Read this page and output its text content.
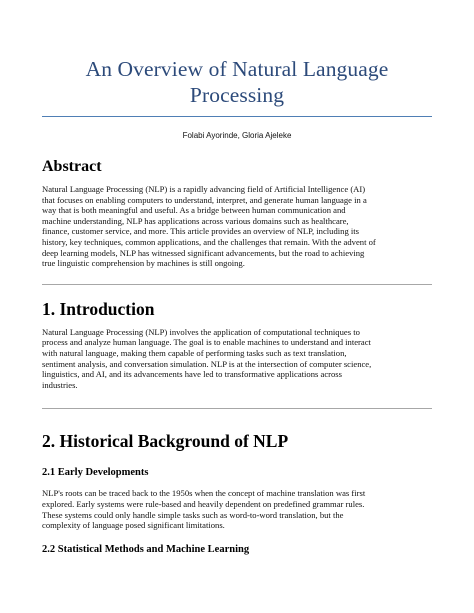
An Overview of Natural Language
Processing
Folabi Ayorinde, Gloria Ajeleke
Abstract

Natural Language Processing (NLP) is a rapidly advancing field of Artificial Intelligence (AI)
that focuses on enabling computers to understand, interpret, and generate human language in a
way that is both meaningful and useful. As a bridge between human communication and
machine understanding, NLP has applications across various domains such as healthcare,
finance, customer service, and more. This article provides an overview of NLP, including its
history, key techniques, common applications, and the challenges that remain. With the advent of
deep learning models, NLP has witnessed significant advancements, but the road to achieving
true linguistic comprehension by machines is still ongoing.

1. Introduction

Natural Language Processing (NLP) involves the application of computational techniques to
process and analyze human language. The goal is to enable machines to understand and interact
with natural language, making them capable of performing tasks such as text translation,
sentiment analysis, and conversation simulation. NLP is at the intersection of computer science,
linguistics, and AI, and its advancements have led to transformative applications across
industries.

2. Historical Background of NLP
2.1 Early Developments

NLP's roots can be traced back to the 1950s when the concept of machine translation was first
explored. Early systems were rule-based and heavily dependent on predefined grammar rules.
These systems could only handle simple tasks such as word-to-word translation, but the
complexity of language posed significant limitations.

2.2 Statistical Methods and Machine Learning
